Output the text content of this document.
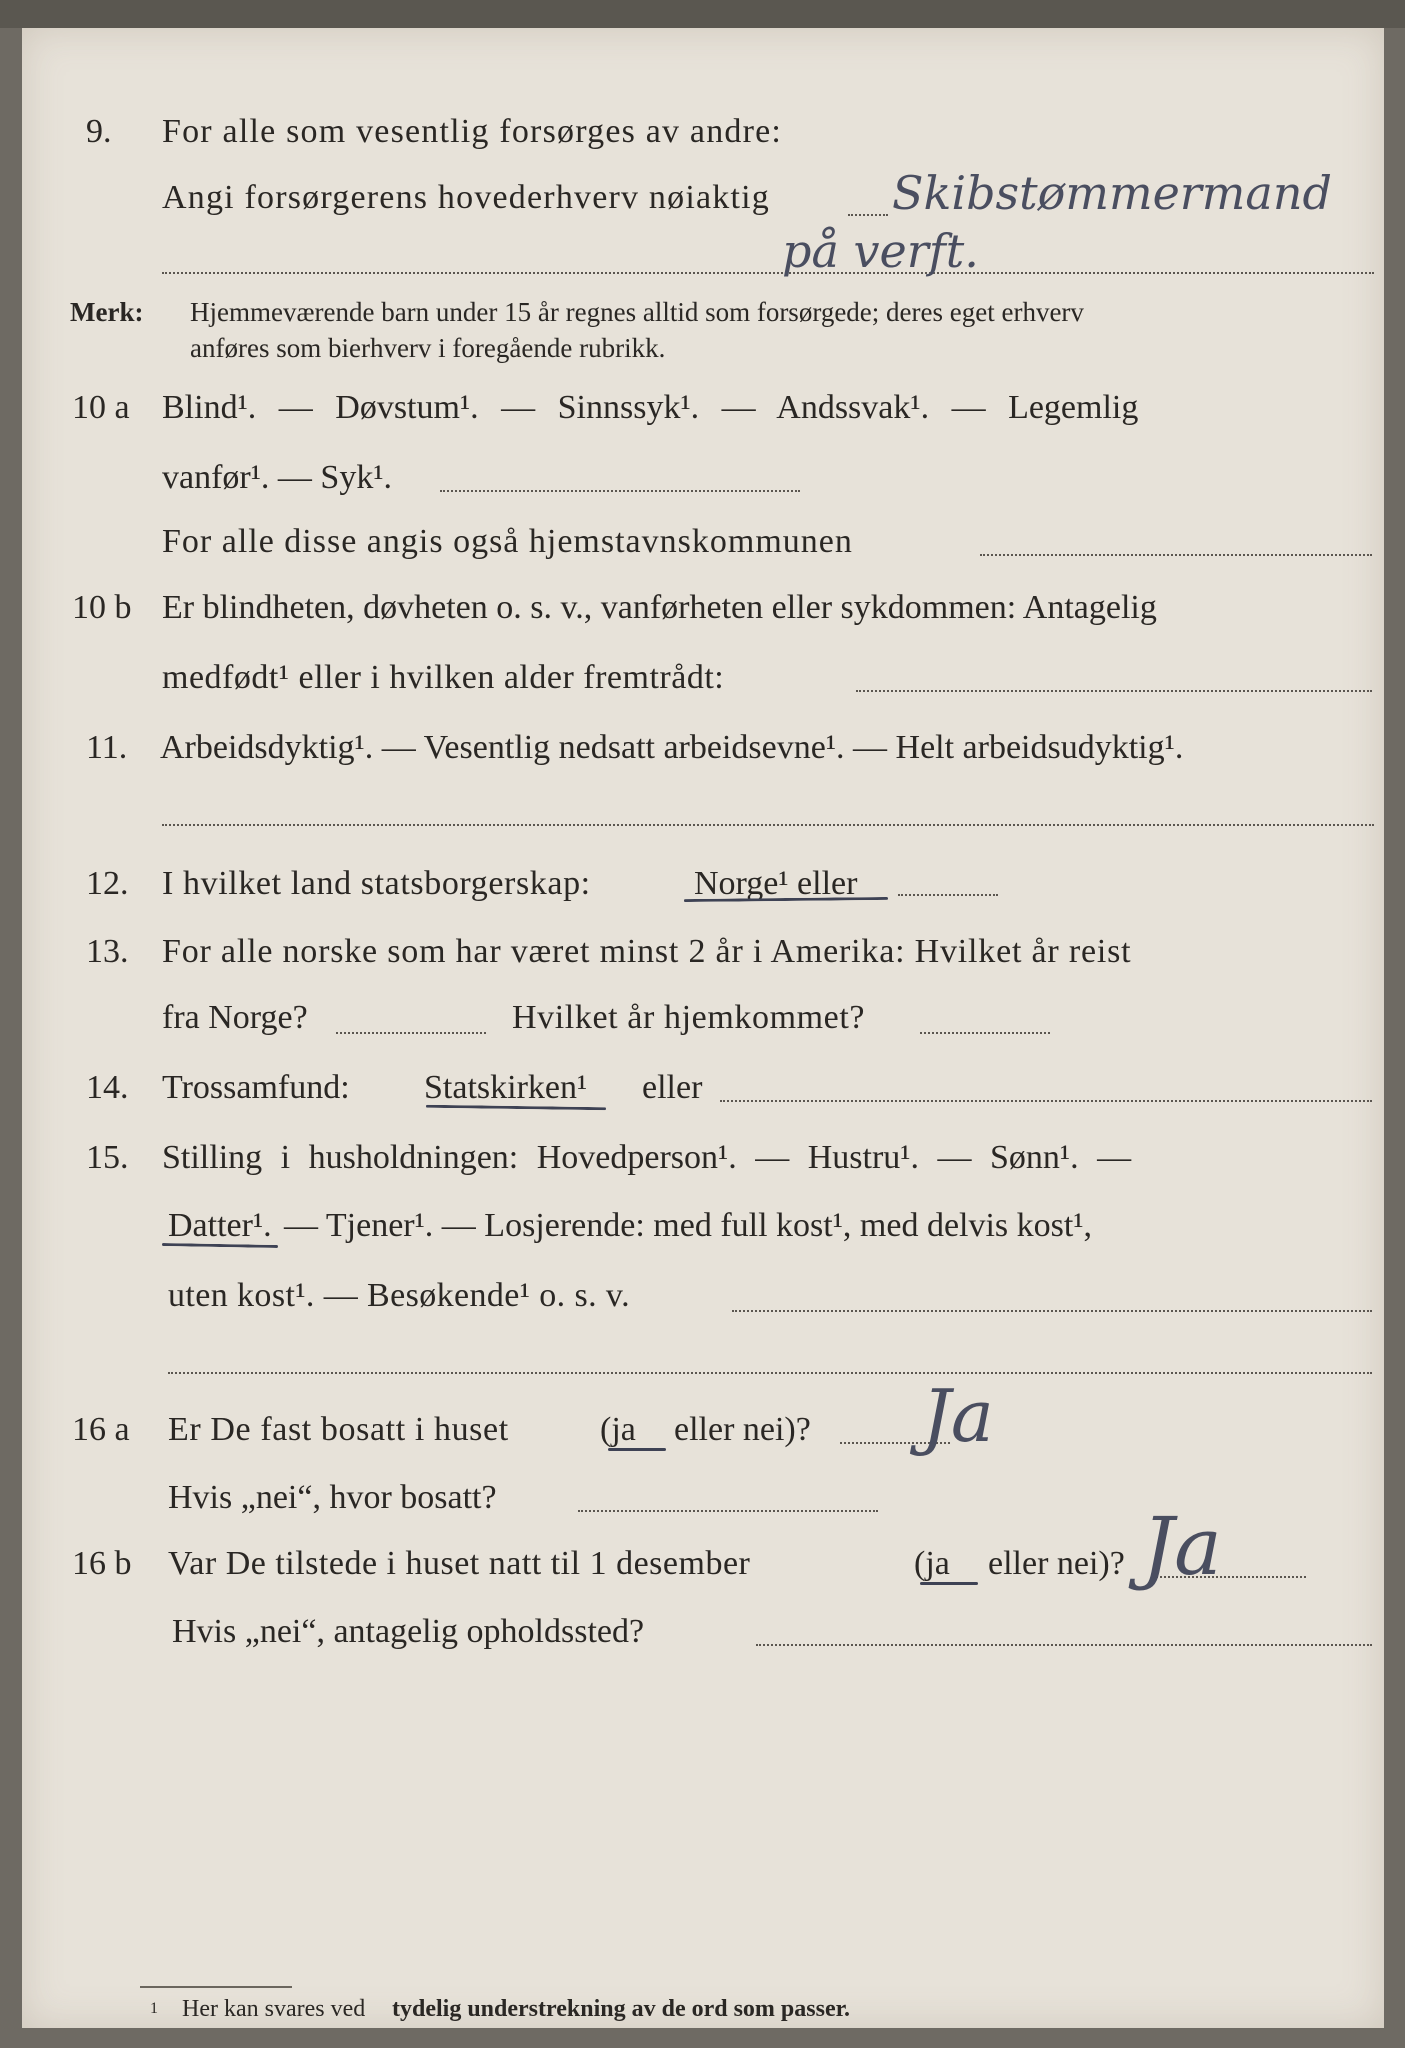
9. For alle som vesentlig forsørges av andre:
Angi forsørgerens hovederhverv nøiaktig	Skibstømmermand
på verft.
Merk: Hjemmeværende barn under 15 år regnes alltid som forsørgede; deres eget erhverv
anføres som bierhverv i foregående rubrikk.
10 a Blind¹. — Døvstum¹. — Sinnssyk¹. — Andssvak¹. — Legemlig
vanfør¹. — Syk¹.
For alle disse angis også hjemstavnskommunen
10 b Er blindheten, døvheten o. s. v., vanførheten eller sykdommen: Antagelig
medfødt¹ eller i hvilken alder fremtrådt:
11. Arbeidsdyktig¹. — Vesentlig nedsatt arbeidsevne¹. — Helt arbeidsudyktig¹.
12. I hvilket land statsborgerskap:	Norge¹ eller
13. For alle norske som har været minst 2 år i Amerika: Hvilket år reist
fra Norge?	Hvilket år hjemkommet?
14. Trossamfund: Statskirken¹ eller
15. Stilling i husholdningen: Hovedperson¹. — Hustru¹. — Sønn¹. —
Datter¹. — Tjener¹. — Losjerende: med full kost¹, med delvis kost¹,
uten kost¹. — Besøkende¹ o. s. v.
16 a Er De fast bosatt i huset	(ja eller nei)? Ja
Hvis „nei“, hvor bosatt?
16 b Var De tilstede i huset natt til 1 desember	(ja eller nei)? Ja
Hvis „nei“, antagelig opholdssted?
1 Her kan svares ved tydelig understrekning av de ord som passer.
